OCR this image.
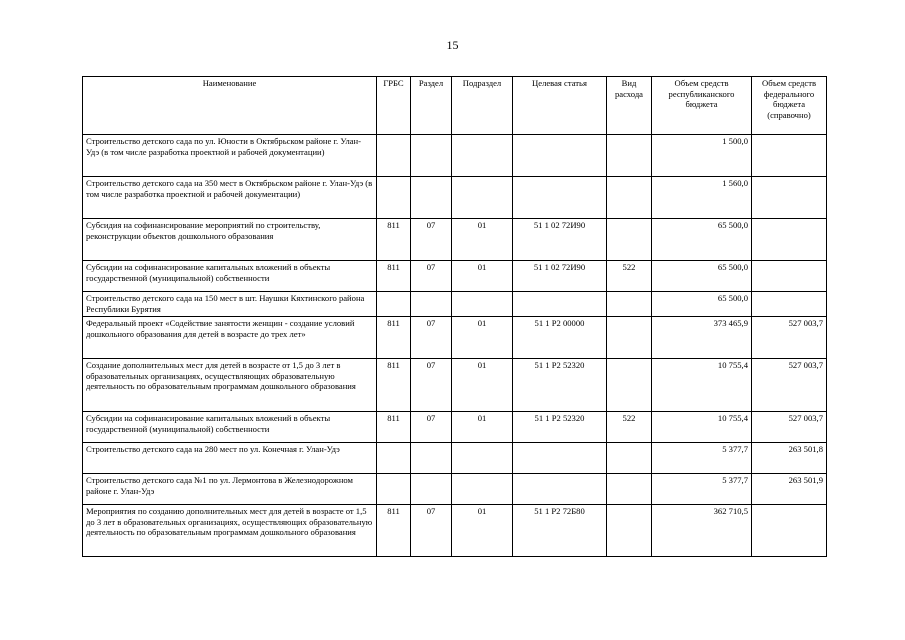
15
Наименование	ГРБС	Раздел	Подраздел	Целевая статья	Вид расхода	Объем средств республиканского бюджета	Объем средств федерального бюджета (справочно)
Строительство детского сада по ул. Юности в Октябрьском районе г. Улан-Удэ (в том числе разработка проектной и рабочей документации)						1 500,0	
Строительство детского сада на 350 мест в Октябрьском районе г. Улан-Удэ (в том числе разработка проектной и рабочей документации)						1 560,0	
Субсидия на софинансирование мероприятий по строительству, реконструкции объектов дошкольного образования	811	07	01	51 1 02 72И90		65 500,0	
Субсидии на софинансирование капитальных вложений в объекты государственной (муниципальной) собственности	811	07	01	51 1 02 72И90	522	65 500,0	
Строительство детского сада на 150 мест в шт. Наушки Кяхтинского района Республики Бурятия						65 500,0	
Федеральный проект «Содействие занятости женщин - создание условий дошкольного образования для детей в возрасте до трех лет»	811	07	01	51 1 P2 00000		373 465,9	527 003,7
Создание дополнительных мест для детей в возрасте от 1,5 до 3 лет в образовательных организациях, осуществляющих образовательную деятельность по образовательным программам дошкольного образования	811	07	01	51 1 P2 52320		10 755,4	527 003,7
Субсидии на софинансирование капитальных вложений в объекты государственной (муниципальной) собственности	811	07	01	51 1 P2 52320	522	10 755,4	527 003,7
Строительство детского сада на 280 мест по ул. Конечная г. Улан-Удэ						5 377,7	263 501,8
Строительство детского сада №1 по ул. Лермонтова в Железнодорожном районе г. Улан-Удэ						5 377,7	263 501,9
Мероприятия по созданию дополнительных мест для детей в возрасте от 1,5 до 3 лет в образовательных организациях, осуществляющих образовательную деятельность по образовательным программам дошкольного образования	811	07	01	51 1 P2 72Б80		362 710,5	
